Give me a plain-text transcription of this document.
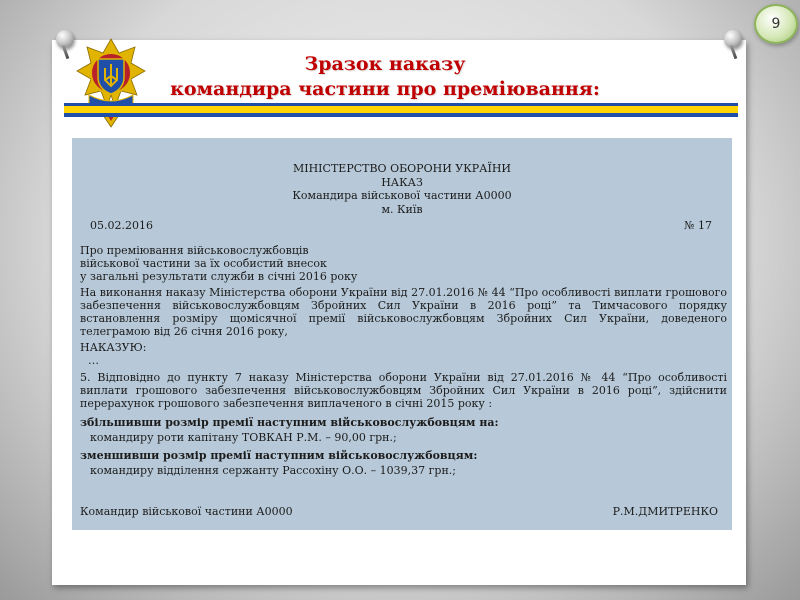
9
Зразок наказу
командира частини про преміювання:
МІНІСТЕРСТВО ОБОРОНИ УКРАЇНИ
НАКАЗ
Командира військової частини А0000
м. Київ
05.02.2016	№ 17

Про преміювання військовослужбовців
військової частини за їх особистий внесок
у загальні результати служби в січні 2016 року

На виконання наказу Міністерства оборони України від 27.01.2016 № 44 “Про особливості виплати грошового забезпечення військовослужбовцям Збройних Сил України в 2016 році” та Тимчасового порядку встановлення розміру щомісячної премії військовослужбовцям Збройних Сил України, доведеного телеграмою від 26 січня 2016 року,

НАКАЗУЮ:

…

5. Відповідно до пункту 7 наказу Міністерства оборони України від 27.01.2016 № 44 “Про особливості виплати грошового забезпечення військовослужбовцям Збройних Сил України в 2016 році”, здійснити перерахунок грошового забезпечення виплаченого в січні 2015 року :

збільшивши розмір премії наступним військовослужбовцям на:

командиру роти капітану ТОВКАН Р.М. – 90,00 грн.;

зменшивши розмір премії наступним військовослужбовцям:

командиру відділення сержанту Рассохіну О.О. – 1039,37 грн.;

Командир військової частини А0000	Р.М.ДМИТРЕНКО
